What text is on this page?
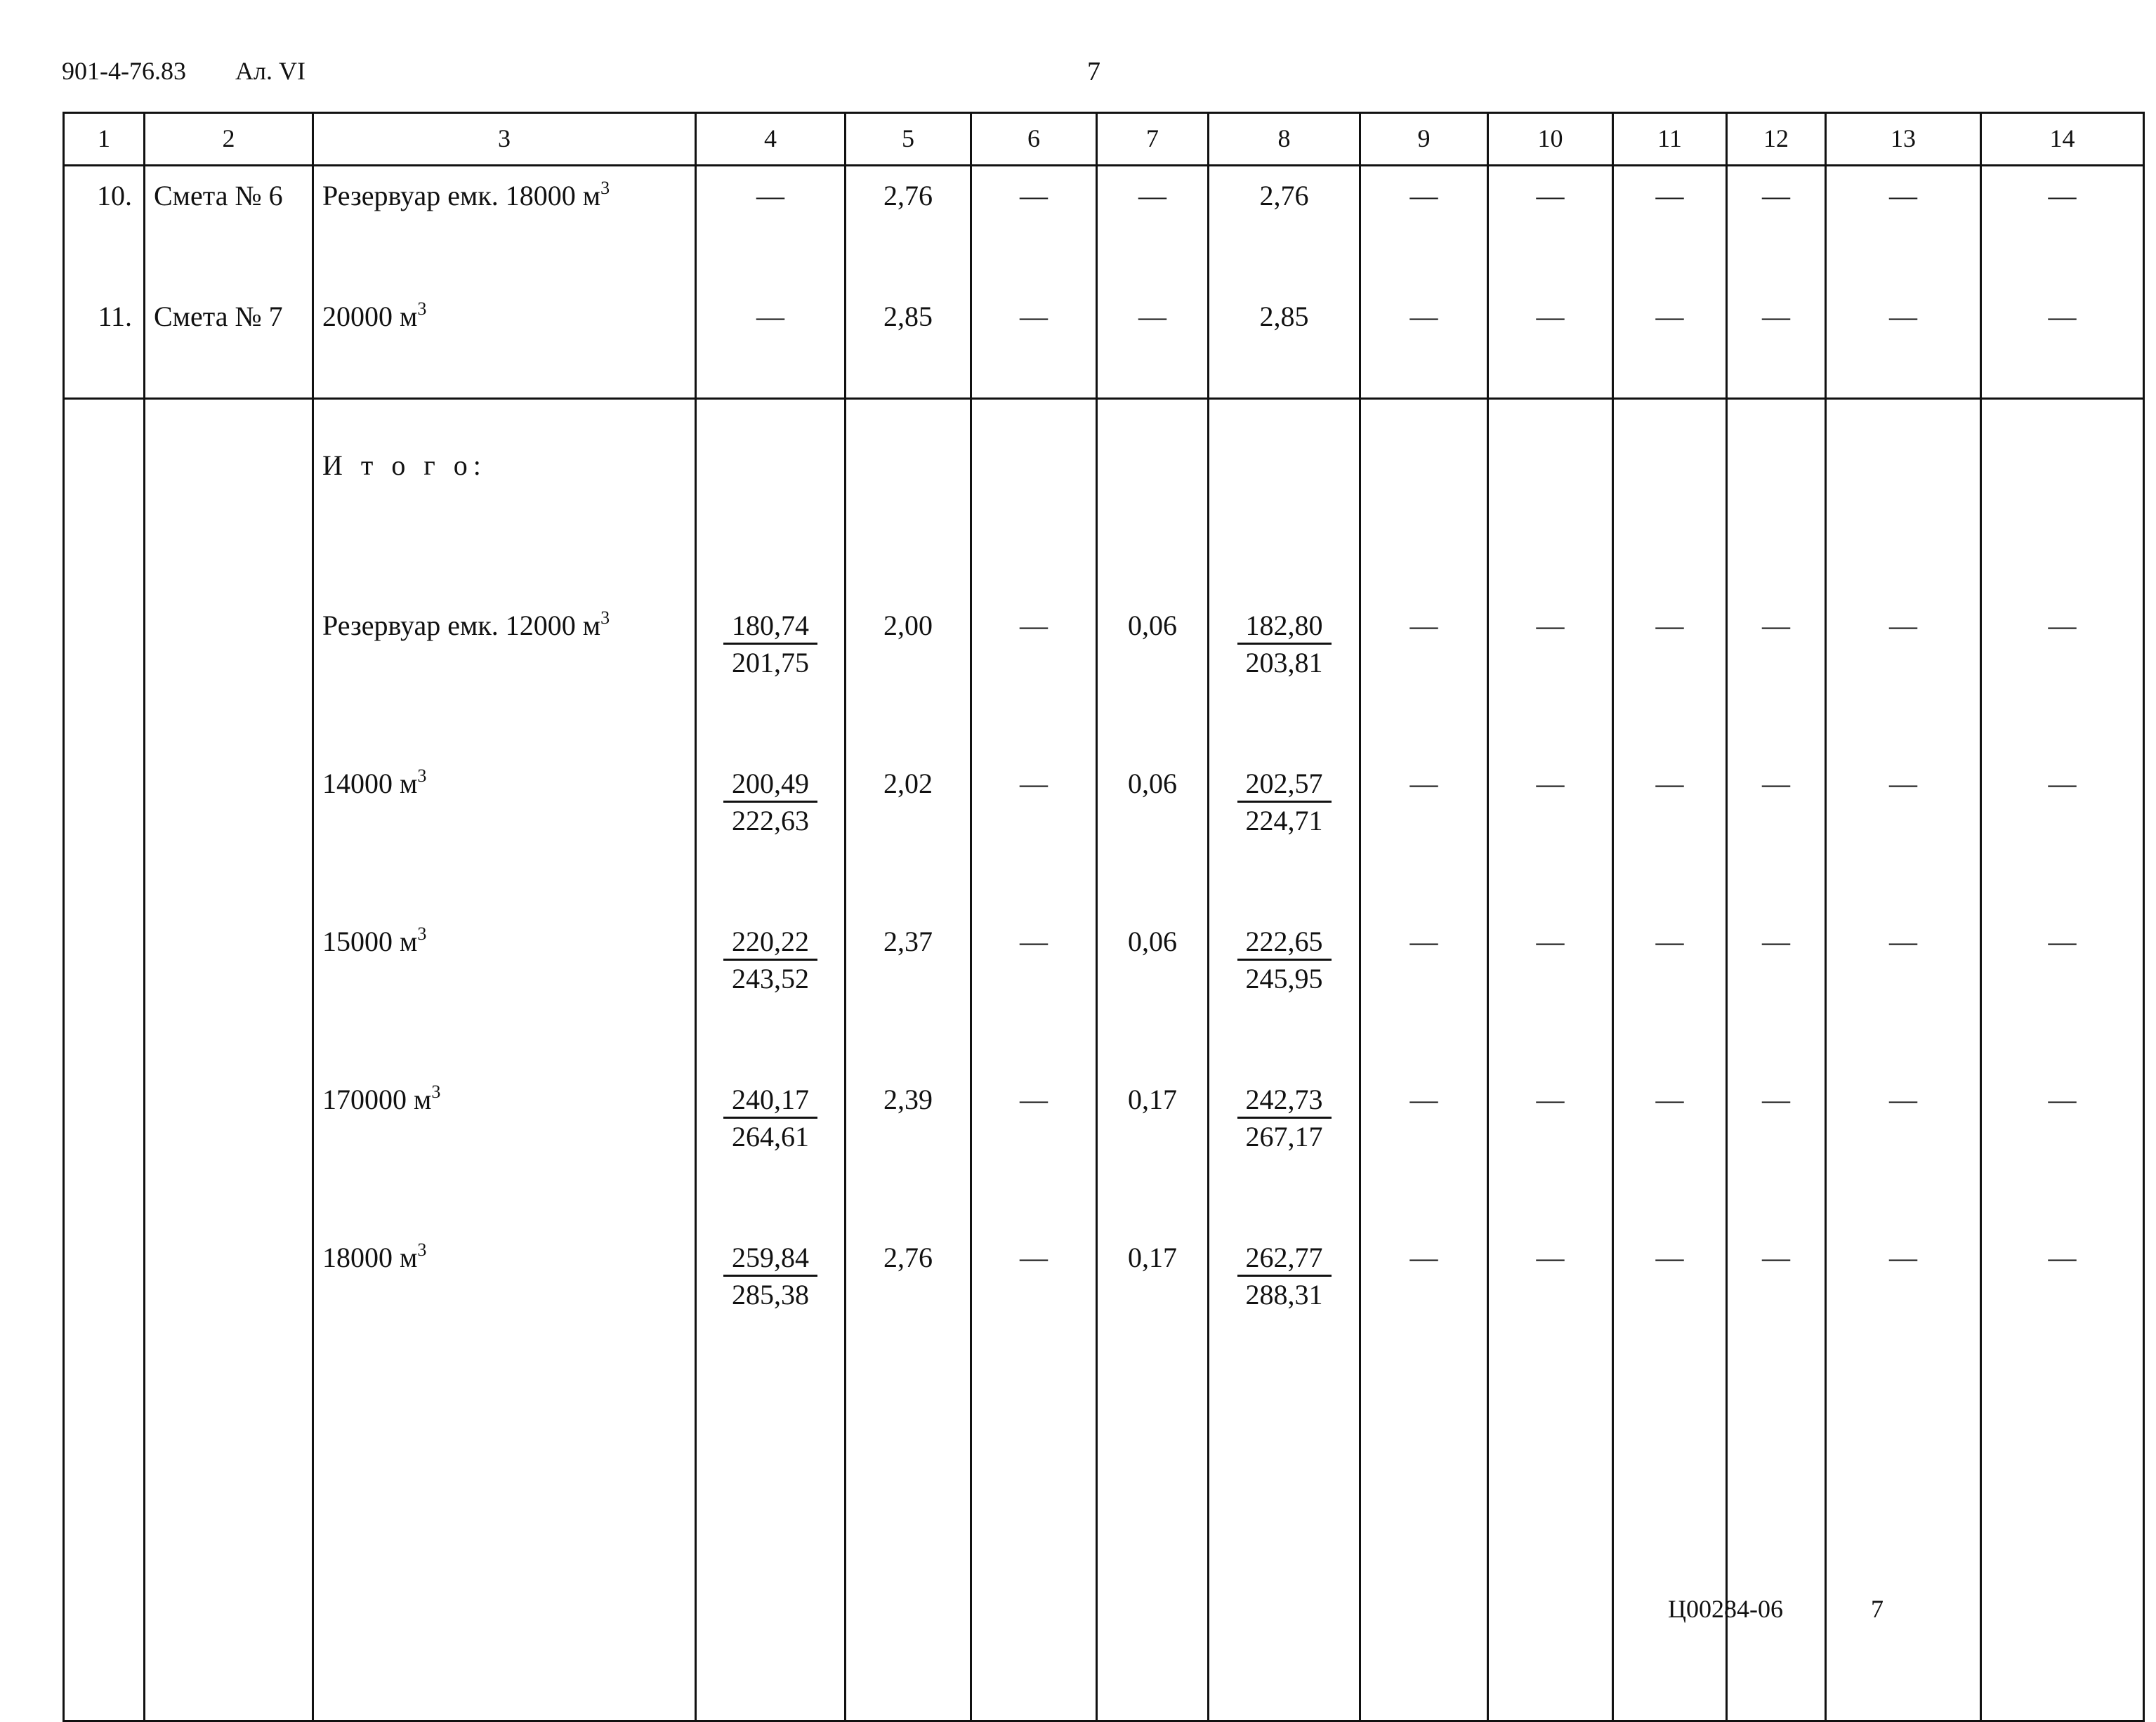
901-4-76.83 Ал. VI	7
1	2	3	4	5	6	7	8	9	10	11	12	13	14
10.	Смета № 6	Резервуар емк. 18000 $м^3$	—	2,76	—	—	2,76	—	—	—	—	—	—
11.	Смета № 7	20000 $м^3$	—	2,85	—	—	2,85	—	—	—	—	—	—
		И т о г о:											
		Резервуар емк. 12000 $м^3$	$\frac{180,74}{201,75}$	2,00	—	0,06	$\frac{182,80}{203,81}$	—	—	—	—	—	—
		14000 $м^3$	$\frac{200,49}{222,63}$	2,02	—	0,06	$\frac{202,57}{224,71}$	—	—	—	—	—	—
		15000 $м^3$	$\frac{220,22}{243,52}$	2,37	—	0,06	$\frac{222,65}{245,95}$	—	—	—	—	—	—
		170000 $м^3$	$\frac{240,17}{264,61}$	2,39	—	0,17	$\frac{242,73}{267,17}$	—	—	—	—	—	—
		18000 $м^3$	$\frac{259,84}{285,38}$	2,76	—	0,17	$\frac{262,77}{288,31}$	—	—	—	—	—	—

Ц00284-06	7
